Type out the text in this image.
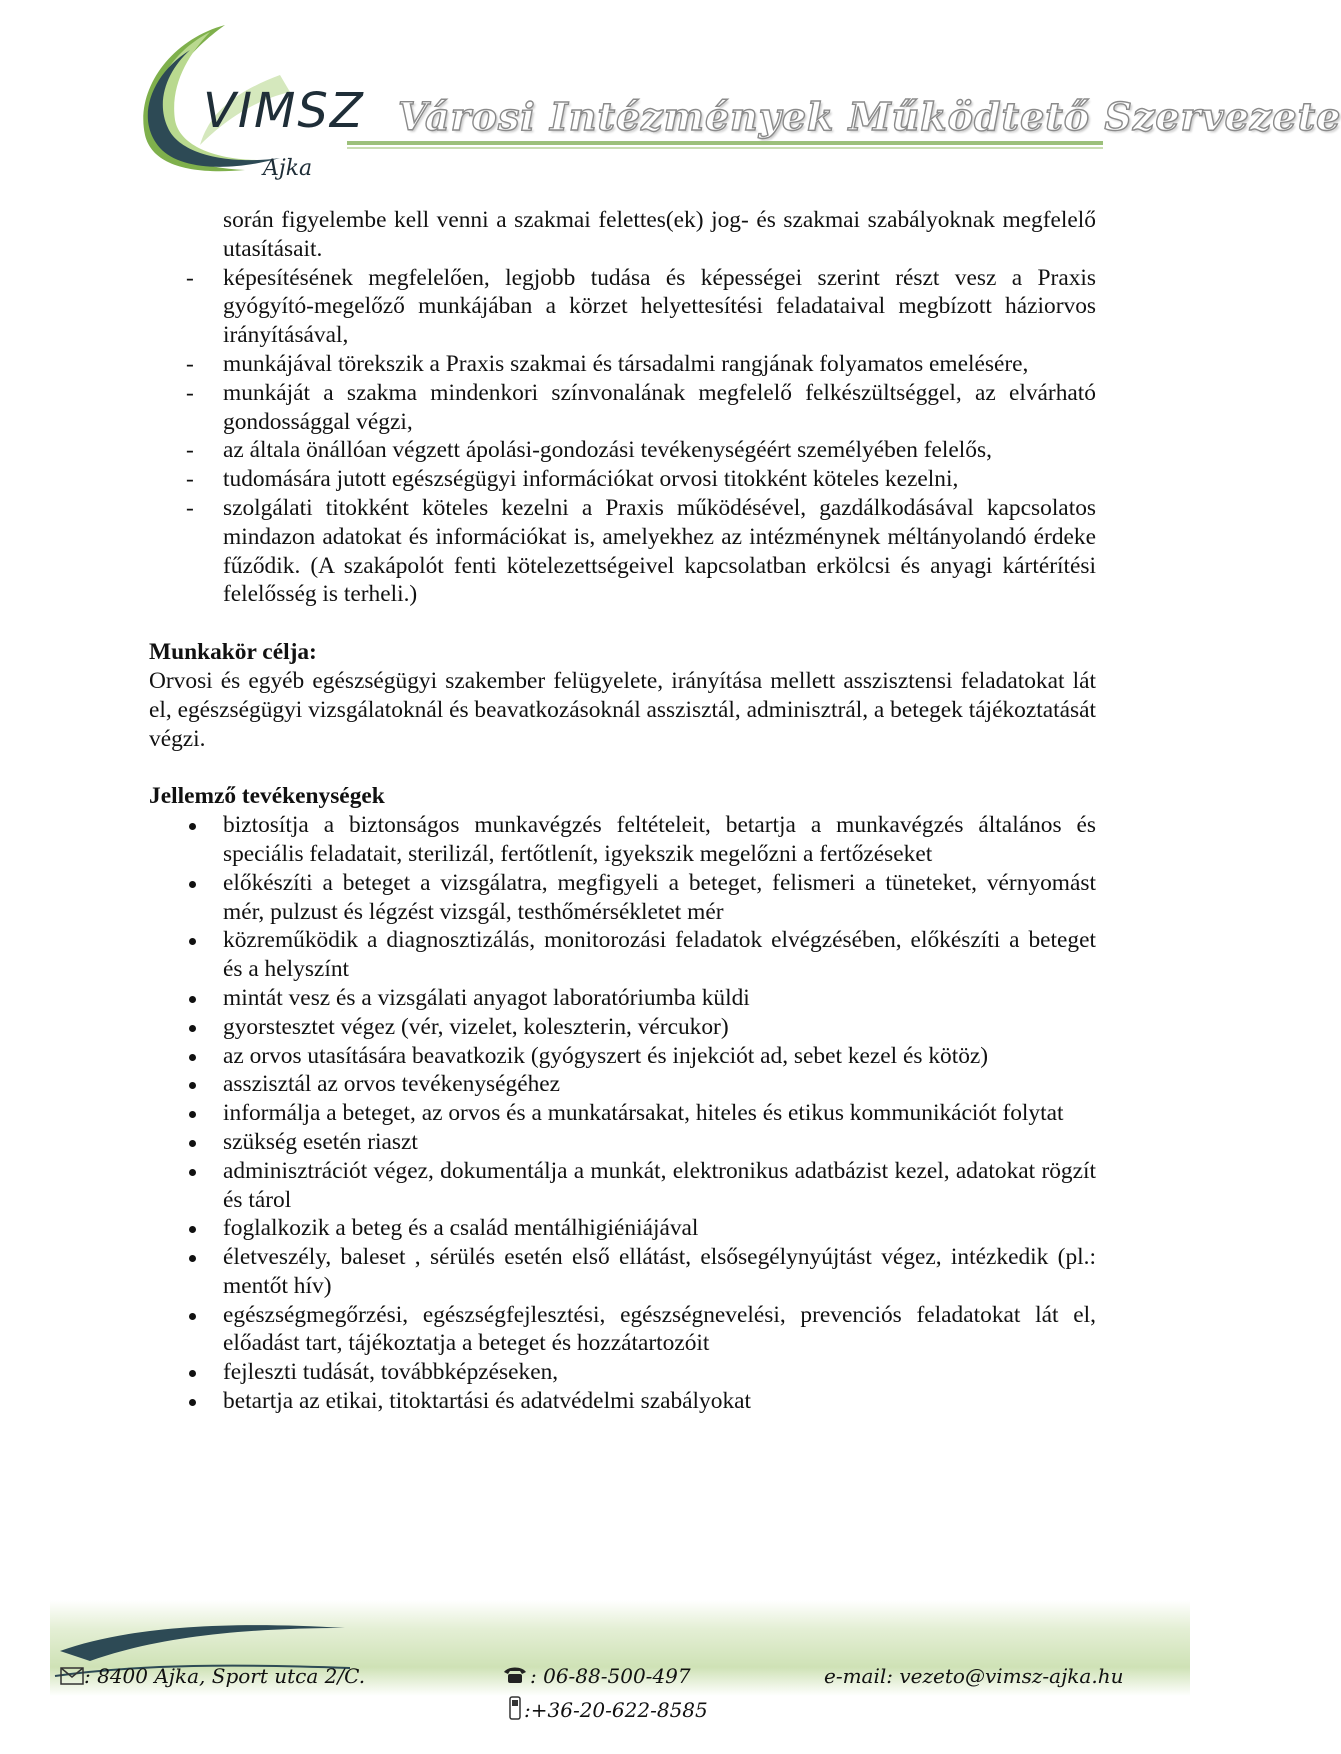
VIMSZ
Ajka
Városi Intézmények Működtető Szervezete

során figyelembe kell venni a szakmai felettes(ek) jog- és szakmai szabályoknak megfelelő utasításait.

- képesítésének megfelelően, legjobb tudása és képességei szerint részt vesz a Praxis gyógyító-megelőző munkájában a körzet helyettesítési feladataival megbízott háziorvos irányításával,
- munkájával törekszik a Praxis szakmai és társadalmi rangjának folyamatos emelésére,
- munkáját a szakma mindenkori színvonalának megfelelő felkészültséggel, az elvárható gondossággal végzi,
- az általa önállóan végzett ápolási-gondozási tevékenységéért személyében felelős,
- tudomására jutott egészségügyi információkat orvosi titokként köteles kezelni,
- szolgálati titokként köteles kezelni a Praxis működésével, gazdálkodásával kapcsolatos mindazon adatokat és információkat is, amelyekhez az intézménynek méltányolandó érdeke fűződik. (A szakápolót fenti kötelezettségeivel kapcsolatban erkölcsi és anyagi kártérítési felelősség is terheli.)

Munkakör célja:

Orvosi és egyéb egészségügyi szakember felügyelete, irányítása mellett asszisztensi feladatokat lát el, egészségügyi vizsgálatoknál és beavatkozásoknál asszisztál, adminisztrál, a betegek tájékoztatását végzi.

Jellemző tevékenységek

biztosítja a biztonságos munkavégzés feltételeit, betartja a munkavégzés általános és speciális feladatait, sterilizál, fertőtlenít, igyekszik megelőzni a fertőzéseket
előkészíti a beteget a vizsgálatra, megfigyeli a beteget, felismeri a tüneteket, vérnyomást mér, pulzust és légzést vizsgál, testhőmérsékletet mér
közreműködik a diagnosztizálás, monitorozási feladatok elvégzésében, előkészíti a beteget és a helyszínt
mintát vesz és a vizsgálati anyagot laboratóriumba küldi
gyorstesztet végez (vér, vizelet, koleszterin, vércukor)
az orvos utasítására beavatkozik (gyógyszert és injekciót ad, sebet kezel és kötöz)
asszisztál az orvos tevékenységéhez
informálja a beteget, az orvos és a munkatársakat, hiteles és etikus kommunikációt folytat
szükség esetén riaszt
adminisztrációt végez, dokumentálja a munkát, elektronikus adatbázist kezel, adatokat rögzít és tárol
foglalkozik a beteg és a család mentálhigiéniájával
életveszély, baleset , sérülés esetén első ellátást, elsősegélynyújtást végez, intézkedik (pl.: mentőt hív)
egészségmegőrzési, egészségfejlesztési, egészségnevelési, prevenciós feladatokat lát el, előadást tart, tájékoztatja a beteget és hozzátartozóit
fejleszti tudását, továbbképzéseken,
betartja az etikai, titoktartási és adatvédelmi szabályokat
: 8400 Ajka, Sport utca 2/C.	: 06-88-500-497
:+36-20-622-8585
e-mail: vezeto@vimsz-ajka.hu
